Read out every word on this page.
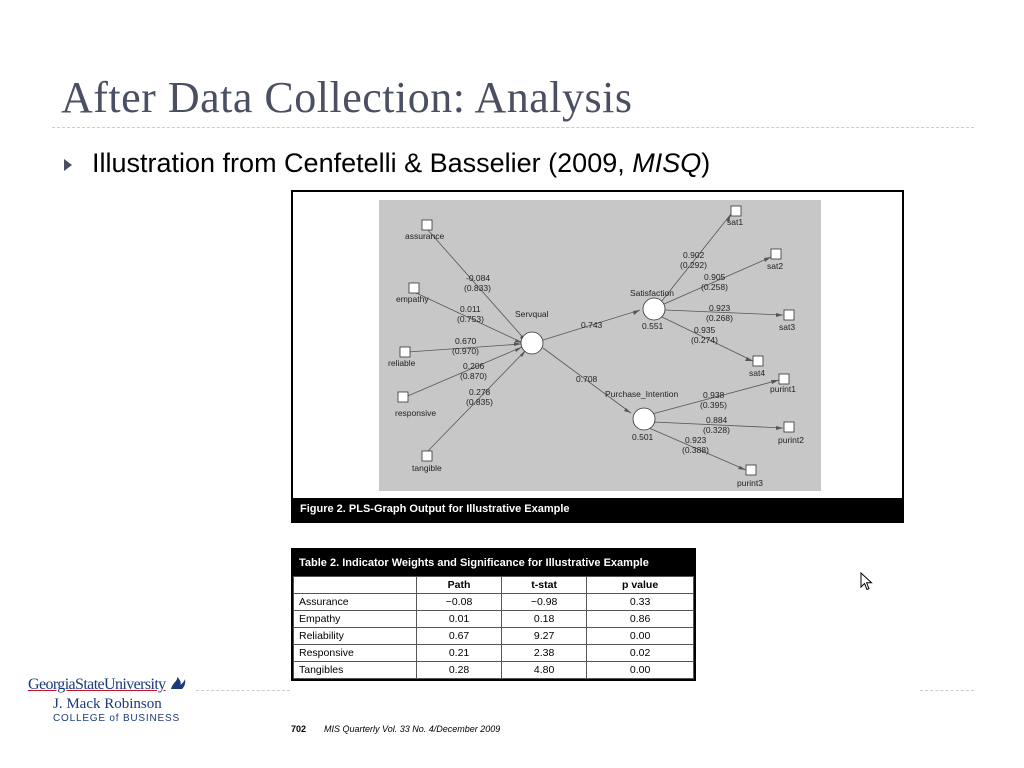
After Data Collection: Analysis
Illustration from Cenfetelli & Basselier (2009, MISQ)
assurance
empathy
reliable
responsive
tangible
sat1
sat2
sat3
sat4
purint1
purint2
purint3
Servqual
Satisfaction
0.551
Purchase_Intention
0.501
-0.084
(0.833)
0.011
(0.753)
0.670
(0.970)
0.206
(0.870)
0.278
(0.835)
0.743
0.708
0.902
(0.292)
0.905
(0.258)
0.923
(0.268)
0.935
(0.274)
0.938
(0.395)
0.884
(0.328)
0.923
(0.388)
Figure 2. PLS-Graph Output for Illustrative Example
Table 2. Indicator Weights and Significance for Illustrative Example
	Path	t-stat	p value
Assurance	−0.08	−0.98	0.33
Empathy	0.01	0.18	0.86
Reliability	0.67	9.27	0.00
Responsive	0.21	2.38	0.02
Tangibles	0.28	4.80	0.00
GeorgiaStateUniversity
J. Mack Robinson
COLLEGE of BUSINESS
702 MIS Quarterly Vol. 33 No. 4/December 2009
